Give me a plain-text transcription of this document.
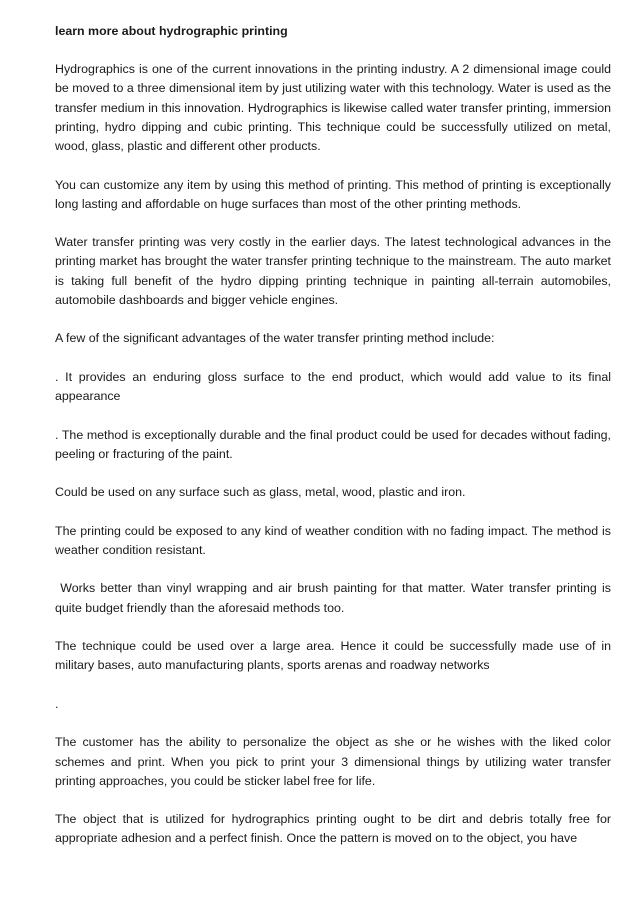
learn more about hydrographic printing

Hydrographics is one of the current innovations in the printing industry. A 2 dimensional image could be moved to a three dimensional item by just utilizing water with this technology. Water is used as the transfer medium in this innovation. Hydrographics is likewise called water transfer printing, immersion printing, hydro dipping and cubic printing. This technique could be successfully utilized on metal, wood, glass, plastic and different other products.

You can customize any item by using this method of printing. This method of printing is exceptionally long lasting and affordable on huge surfaces than most of the other printing methods.

Water transfer printing was very costly in the earlier days. The latest technological advances in the printing market has brought the water transfer printing technique to the mainstream. The auto market is taking full benefit of the hydro dipping printing technique in painting all-terrain automobiles, automobile dashboards and bigger vehicle engines.

A few of the significant advantages of the water transfer printing method include:

. It provides an enduring gloss surface to the end product, which would add value to its final appearance

. The method is exceptionally durable and the final product could be used for decades without fading, peeling or fracturing of the paint.

Could be used on any surface such as glass, metal, wood, plastic and iron.

The printing could be exposed to any kind of weather condition with no fading impact. The method is weather condition resistant.

Works better than vinyl wrapping and air brush painting for that matter. Water transfer printing is quite budget friendly than the aforesaid methods too.

The technique could be used over a large area. Hence it could be successfully made use of in military bases, auto manufacturing plants, sports arenas and roadway networks

.

The customer has the ability to personalize the object as she or he wishes with the liked color schemes and print. When you pick to print your 3 dimensional things by utilizing water transfer printing approaches, you could be sticker label free for life.

The object that is utilized for hydrographics printing ought to be dirt and debris totally free for appropriate adhesion and a perfect finish. Once the pattern is moved on to the object, you have
